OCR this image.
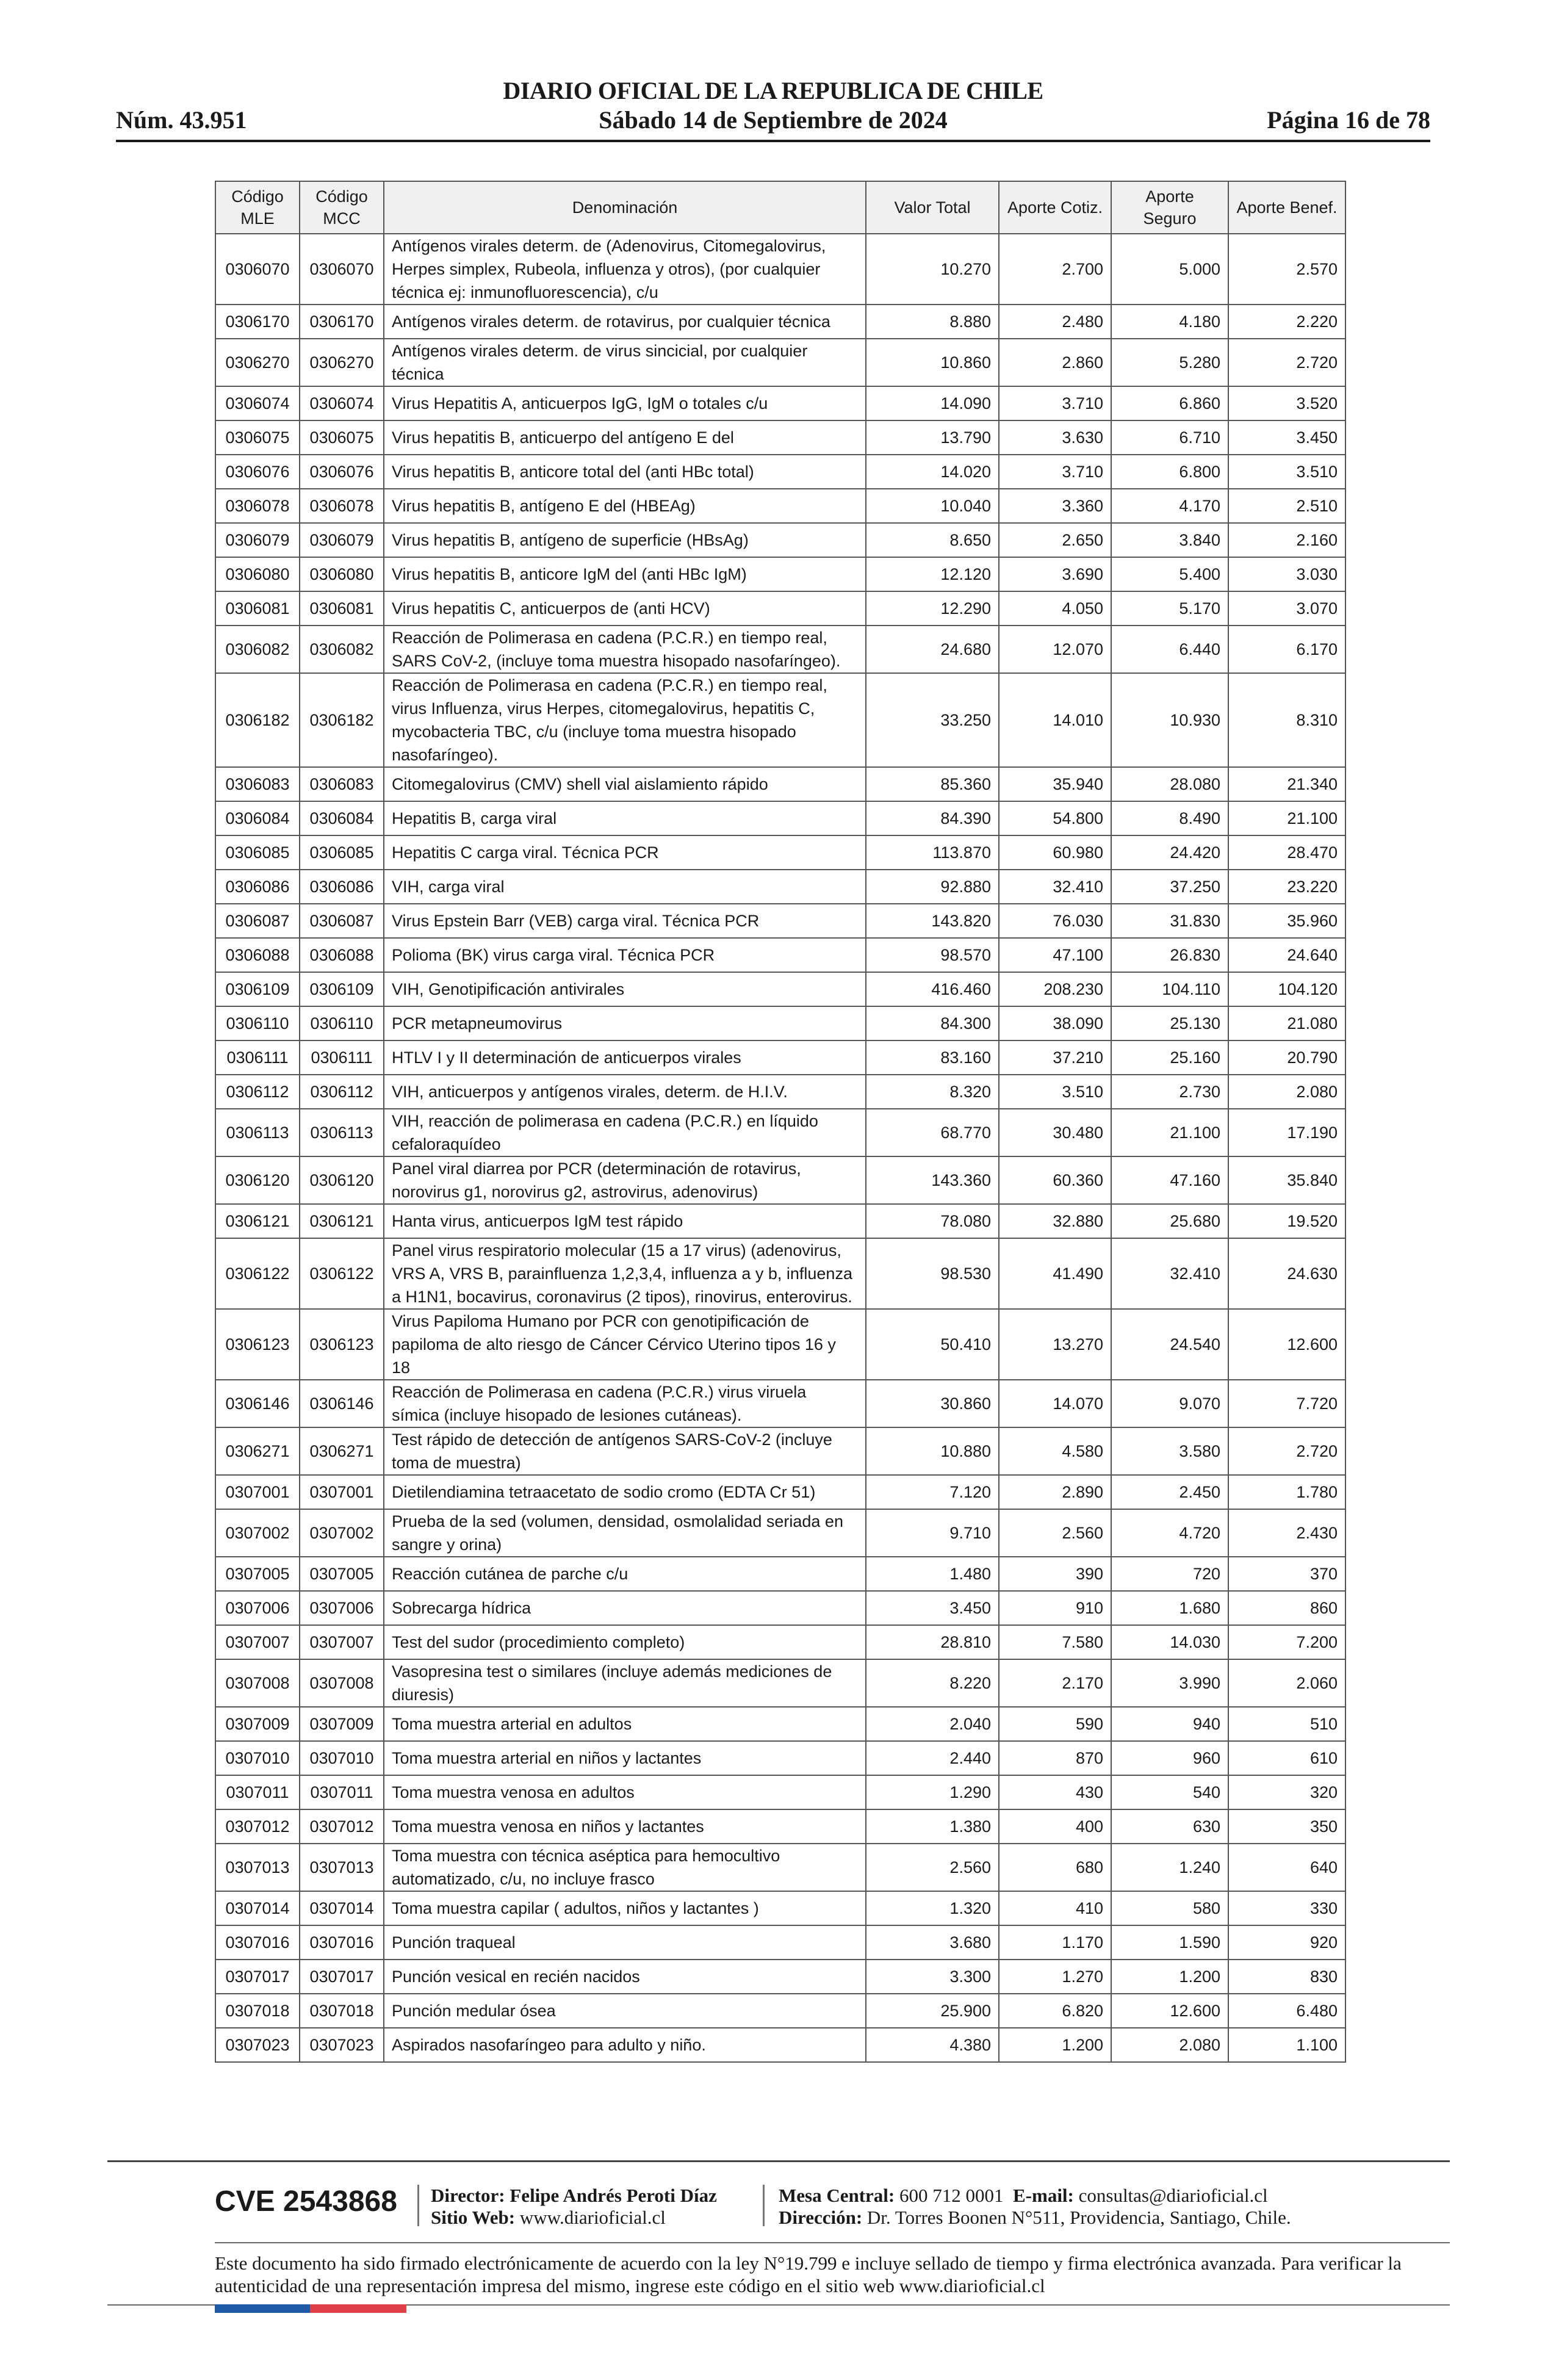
DIARIO OFICIAL DE LA REPUBLICA DE CHILE
Núm. 43.951	Sábado 14 de Septiembre de 2024	Página 16 de 78
Código MLE	Código MCC	Denominación	Valor Total	Aporte Cotiz.	Aporte Seguro	Aporte Benef.
0306070	0306070	Antígenos virales determ. de (Adenovirus, Citomegalovirus, Herpes simplex, Rubeola, influenza y otros), (por cualquier técnica ej: inmunofluorescencia), c/u	10.270	2.700	5.000	2.570
0306170	0306170	Antígenos virales determ. de rotavirus, por cualquier técnica	8.880	2.480	4.180	2.220
0306270	0306270	Antígenos virales determ. de virus sincicial, por cualquier técnica	10.860	2.860	5.280	2.720
0306074	0306074	Virus Hepatitis A, anticuerpos IgG, IgM o totales c/u	14.090	3.710	6.860	3.520
0306075	0306075	Virus hepatitis B, anticuerpo del antígeno E del	13.790	3.630	6.710	3.450
0306076	0306076	Virus hepatitis B, anticore total del (anti HBc total)	14.020	3.710	6.800	3.510
0306078	0306078	Virus hepatitis B, antígeno E del (HBEAg)	10.040	3.360	4.170	2.510
0306079	0306079	Virus hepatitis B, antígeno de superficie (HBsAg)	8.650	2.650	3.840	2.160
0306080	0306080	Virus hepatitis B, anticore IgM del (anti HBc IgM)	12.120	3.690	5.400	3.030
0306081	0306081	Virus hepatitis C, anticuerpos de (anti HCV)	12.290	4.050	5.170	3.070
0306082	0306082	Reacción de Polimerasa en cadena (P.C.R.) en tiempo real, SARS CoV-2, (incluye toma muestra hisopado nasofaríngeo).	24.680	12.070	6.440	6.170
0306182	0306182	Reacción de Polimerasa en cadena (P.C.R.) en tiempo real, virus Influenza, virus Herpes, citomegalovirus, hepatitis C, mycobacteria TBC, c/u (incluye toma muestra hisopado nasofaríngeo).	33.250	14.010	10.930	8.310
0306083	0306083	Citomegalovirus (CMV) shell vial aislamiento rápido	85.360	35.940	28.080	21.340
0306084	0306084	Hepatitis B, carga viral	84.390	54.800	8.490	21.100
0306085	0306085	Hepatitis C carga viral. Técnica PCR	113.870	60.980	24.420	28.470
0306086	0306086	VIH, carga viral	92.880	32.410	37.250	23.220
0306087	0306087	Virus Epstein Barr (VEB) carga viral. Técnica PCR	143.820	76.030	31.830	35.960
0306088	0306088	Polioma (BK) virus carga viral. Técnica PCR	98.570	47.100	26.830	24.640
0306109	0306109	VIH, Genotipificación antivirales	416.460	208.230	104.110	104.120
0306110	0306110	PCR metapneumovirus	84.300	38.090	25.130	21.080
0306111	0306111	HTLV I y II determinación de anticuerpos virales	83.160	37.210	25.160	20.790
0306112	0306112	VIH, anticuerpos y antígenos virales, determ. de H.I.V.	8.320	3.510	2.730	2.080
0306113	0306113	VIH, reacción de polimerasa en cadena (P.C.R.) en líquido cefaloraquídeo	68.770	30.480	21.100	17.190
0306120	0306120	Panel viral diarrea por PCR (determinación de rotavirus, norovirus g1, norovirus g2, astrovirus, adenovirus)	143.360	60.360	47.160	35.840
0306121	0306121	Hanta virus, anticuerpos IgM test rápido	78.080	32.880	25.680	19.520
0306122	0306122	Panel virus respiratorio molecular (15 a 17 virus) (adenovirus, VRS A, VRS B, parainfluenza 1,2,3,4, influenza a y b, influenza a H1N1, bocavirus, coronavirus (2 tipos), rinovirus, enterovirus.	98.530	41.490	32.410	24.630
0306123	0306123	Virus Papiloma Humano por PCR con genotipificación de papiloma de alto riesgo de Cáncer Cérvico Uterino tipos 16 y 18	50.410	13.270	24.540	12.600
0306146	0306146	Reacción de Polimerasa en cadena (P.C.R.) virus viruela símica (incluye hisopado de lesiones cutáneas).	30.860	14.070	9.070	7.720
0306271	0306271	Test rápido de detección de antígenos SARS-CoV-2 (incluye toma de muestra)	10.880	4.580	3.580	2.720
0307001	0307001	Dietilendiamina tetraacetato de sodio cromo (EDTA Cr 51)	7.120	2.890	2.450	1.780
0307002	0307002	Prueba de la sed (volumen, densidad, osmolalidad seriada en sangre y orina)	9.710	2.560	4.720	2.430
0307005	0307005	Reacción cutánea de parche c/u	1.480	390	720	370
0307006	0307006	Sobrecarga hídrica	3.450	910	1.680	860
0307007	0307007	Test del sudor (procedimiento completo)	28.810	7.580	14.030	7.200
0307008	0307008	Vasopresina test o similares (incluye además mediciones de diuresis)	8.220	2.170	3.990	2.060
0307009	0307009	Toma muestra arterial en adultos	2.040	590	940	510
0307010	0307010	Toma muestra arterial en niños y lactantes	2.440	870	960	610
0307011	0307011	Toma muestra venosa en adultos	1.290	430	540	320
0307012	0307012	Toma muestra venosa en niños y lactantes	1.380	400	630	350
0307013	0307013	Toma muestra con técnica aséptica para hemocultivo automatizado, c/u, no incluye frasco	2.560	680	1.240	640
0307014	0307014	Toma muestra capilar ( adultos, niños y lactantes )	1.320	410	580	330
0307016	0307016	Punción traqueal	3.680	1.170	1.590	920
0307017	0307017	Punción vesical en recién nacidos	3.300	1.270	1.200	830
0307018	0307018	Punción medular ósea	25.900	6.820	12.600	6.480
0307023	0307023	Aspirados nasofaríngeo para adulto y niño.	4.380	1.200	2.080	1.100
CVE 2543868 Director: Felipe Andrés Peroti Díaz
Sitio Web: www.diarioficial.cl
Mesa Central: 600 712 0001 E-mail: consultas@diarioficial.cl
Dirección: Dr. Torres Boonen N°511, Providencia, Santiago, Chile.
Este documento ha sido firmado electrónicamente de acuerdo con la ley N°19.799 e incluye sellado de tiempo y firma electrónica avanzada. Para verificar la autenticidad de una representación impresa del mismo, ingrese este código en el sitio web www.diarioficial.cl
